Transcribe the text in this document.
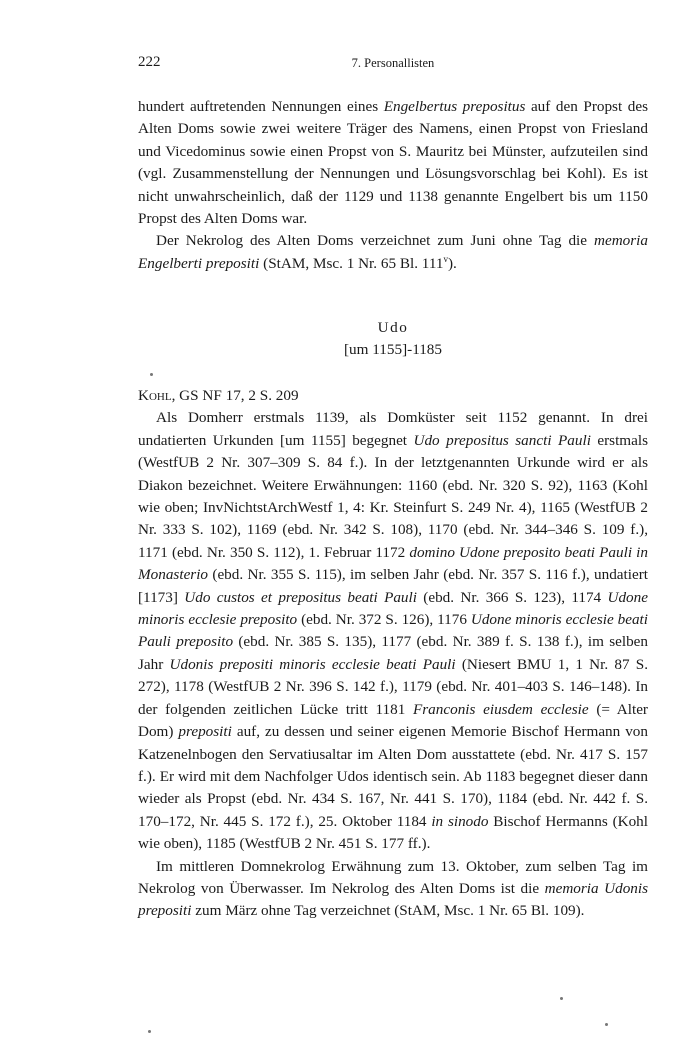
222	7. Personallisten

hundert auftretenden Nennungen eines Engelbertus prepositus auf den Propst des Alten Doms sowie zwei weitere Träger des Namens, einen Propst von Friesland und Vicedominus sowie einen Propst von S. Mauritz bei Münster, aufzuteilen sind (vgl. Zusammenstellung der Nennungen und Lösungsvorschlag bei Kohl). Es ist nicht unwahrscheinlich, daß der 1129 und 1138 genannte Engelbert bis um 1150 Propst des Alten Doms war.

Der Nekrolog des Alten Doms verzeichnet zum Juni ohne Tag die memoria Engelberti prepositi (StAM, Msc. 1 Nr. 65 Bl. 111$^v$).

Udo
[um 1155]-1185

Kohl, GS NF 17, 2 S. 209

Als Domherr erstmals 1139, als Domküster seit 1152 genannt. In drei undatierten Urkunden [um 1155] begegnet Udo prepositus sancti Pauli erstmals (WestfUB 2 Nr. 307–309 S. 84 f.). In der letztgenannten Urkunde wird er als Diakon bezeichnet. Weitere Erwähnungen: 1160 (ebd. Nr. 320 S. 92), 1163 (Kohl wie oben; InvNichtstArchWestf 1, 4: Kr. Steinfurt S. 249 Nr. 4), 1165 (WestfUB 2 Nr. 333 S. 102), 1169 (ebd. Nr. 342 S. 108), 1170 (ebd. Nr. 344–346 S. 109 f.), 1171 (ebd. Nr. 350 S. 112), 1. Februar 1172 domino Udone preposito beati Pauli in Monasterio (ebd. Nr. 355 S. 115), im selben Jahr (ebd. Nr. 357 S. 116 f.), undatiert [1173] Udo custos et prepositus beati Pauli (ebd. Nr. 366 S. 123), 1174 Udone minoris ecclesie preposito (ebd. Nr. 372 S. 126), 1176 Udone minoris ecclesie beati Pauli preposito (ebd. Nr. 385 S. 135), 1177 (ebd. Nr. 389 f. S. 138 f.), im selben Jahr Udonis prepositi minoris ecclesie beati Pauli (Niesert BMU 1, 1 Nr. 87 S. 272), 1178 (WestfUB 2 Nr. 396 S. 142 f.), 1179 (ebd. Nr. 401–403 S. 146–148). In der folgenden zeitlichen Lücke tritt 1181 Franconis eiusdem ecclesie (= Alter Dom) prepositi auf, zu dessen und seiner eigenen Memorie Bischof Hermann von Katzenelnbogen den Servatiusaltar im Alten Dom ausstattete (ebd. Nr. 417 S. 157 f.). Er wird mit dem Nachfolger Udos identisch sein. Ab 1183 begegnet dieser dann wieder als Propst (ebd. Nr. 434 S. 167, Nr. 441 S. 170), 1184 (ebd. Nr. 442 f. S. 170–172, Nr. 445 S. 172 f.), 25. Oktober 1184 in sinodo Bischof Hermanns (Kohl wie oben), 1185 (WestfUB 2 Nr. 451 S. 177 ff.).

Im mittleren Domnekrolog Erwähnung zum 13. Oktober, zum selben Tag im Nekrolog von Überwasser. Im Nekrolog des Alten Doms ist die memoria Udonis prepositi zum März ohne Tag verzeichnet (StAM, Msc. 1 Nr. 65 Bl. 109).
